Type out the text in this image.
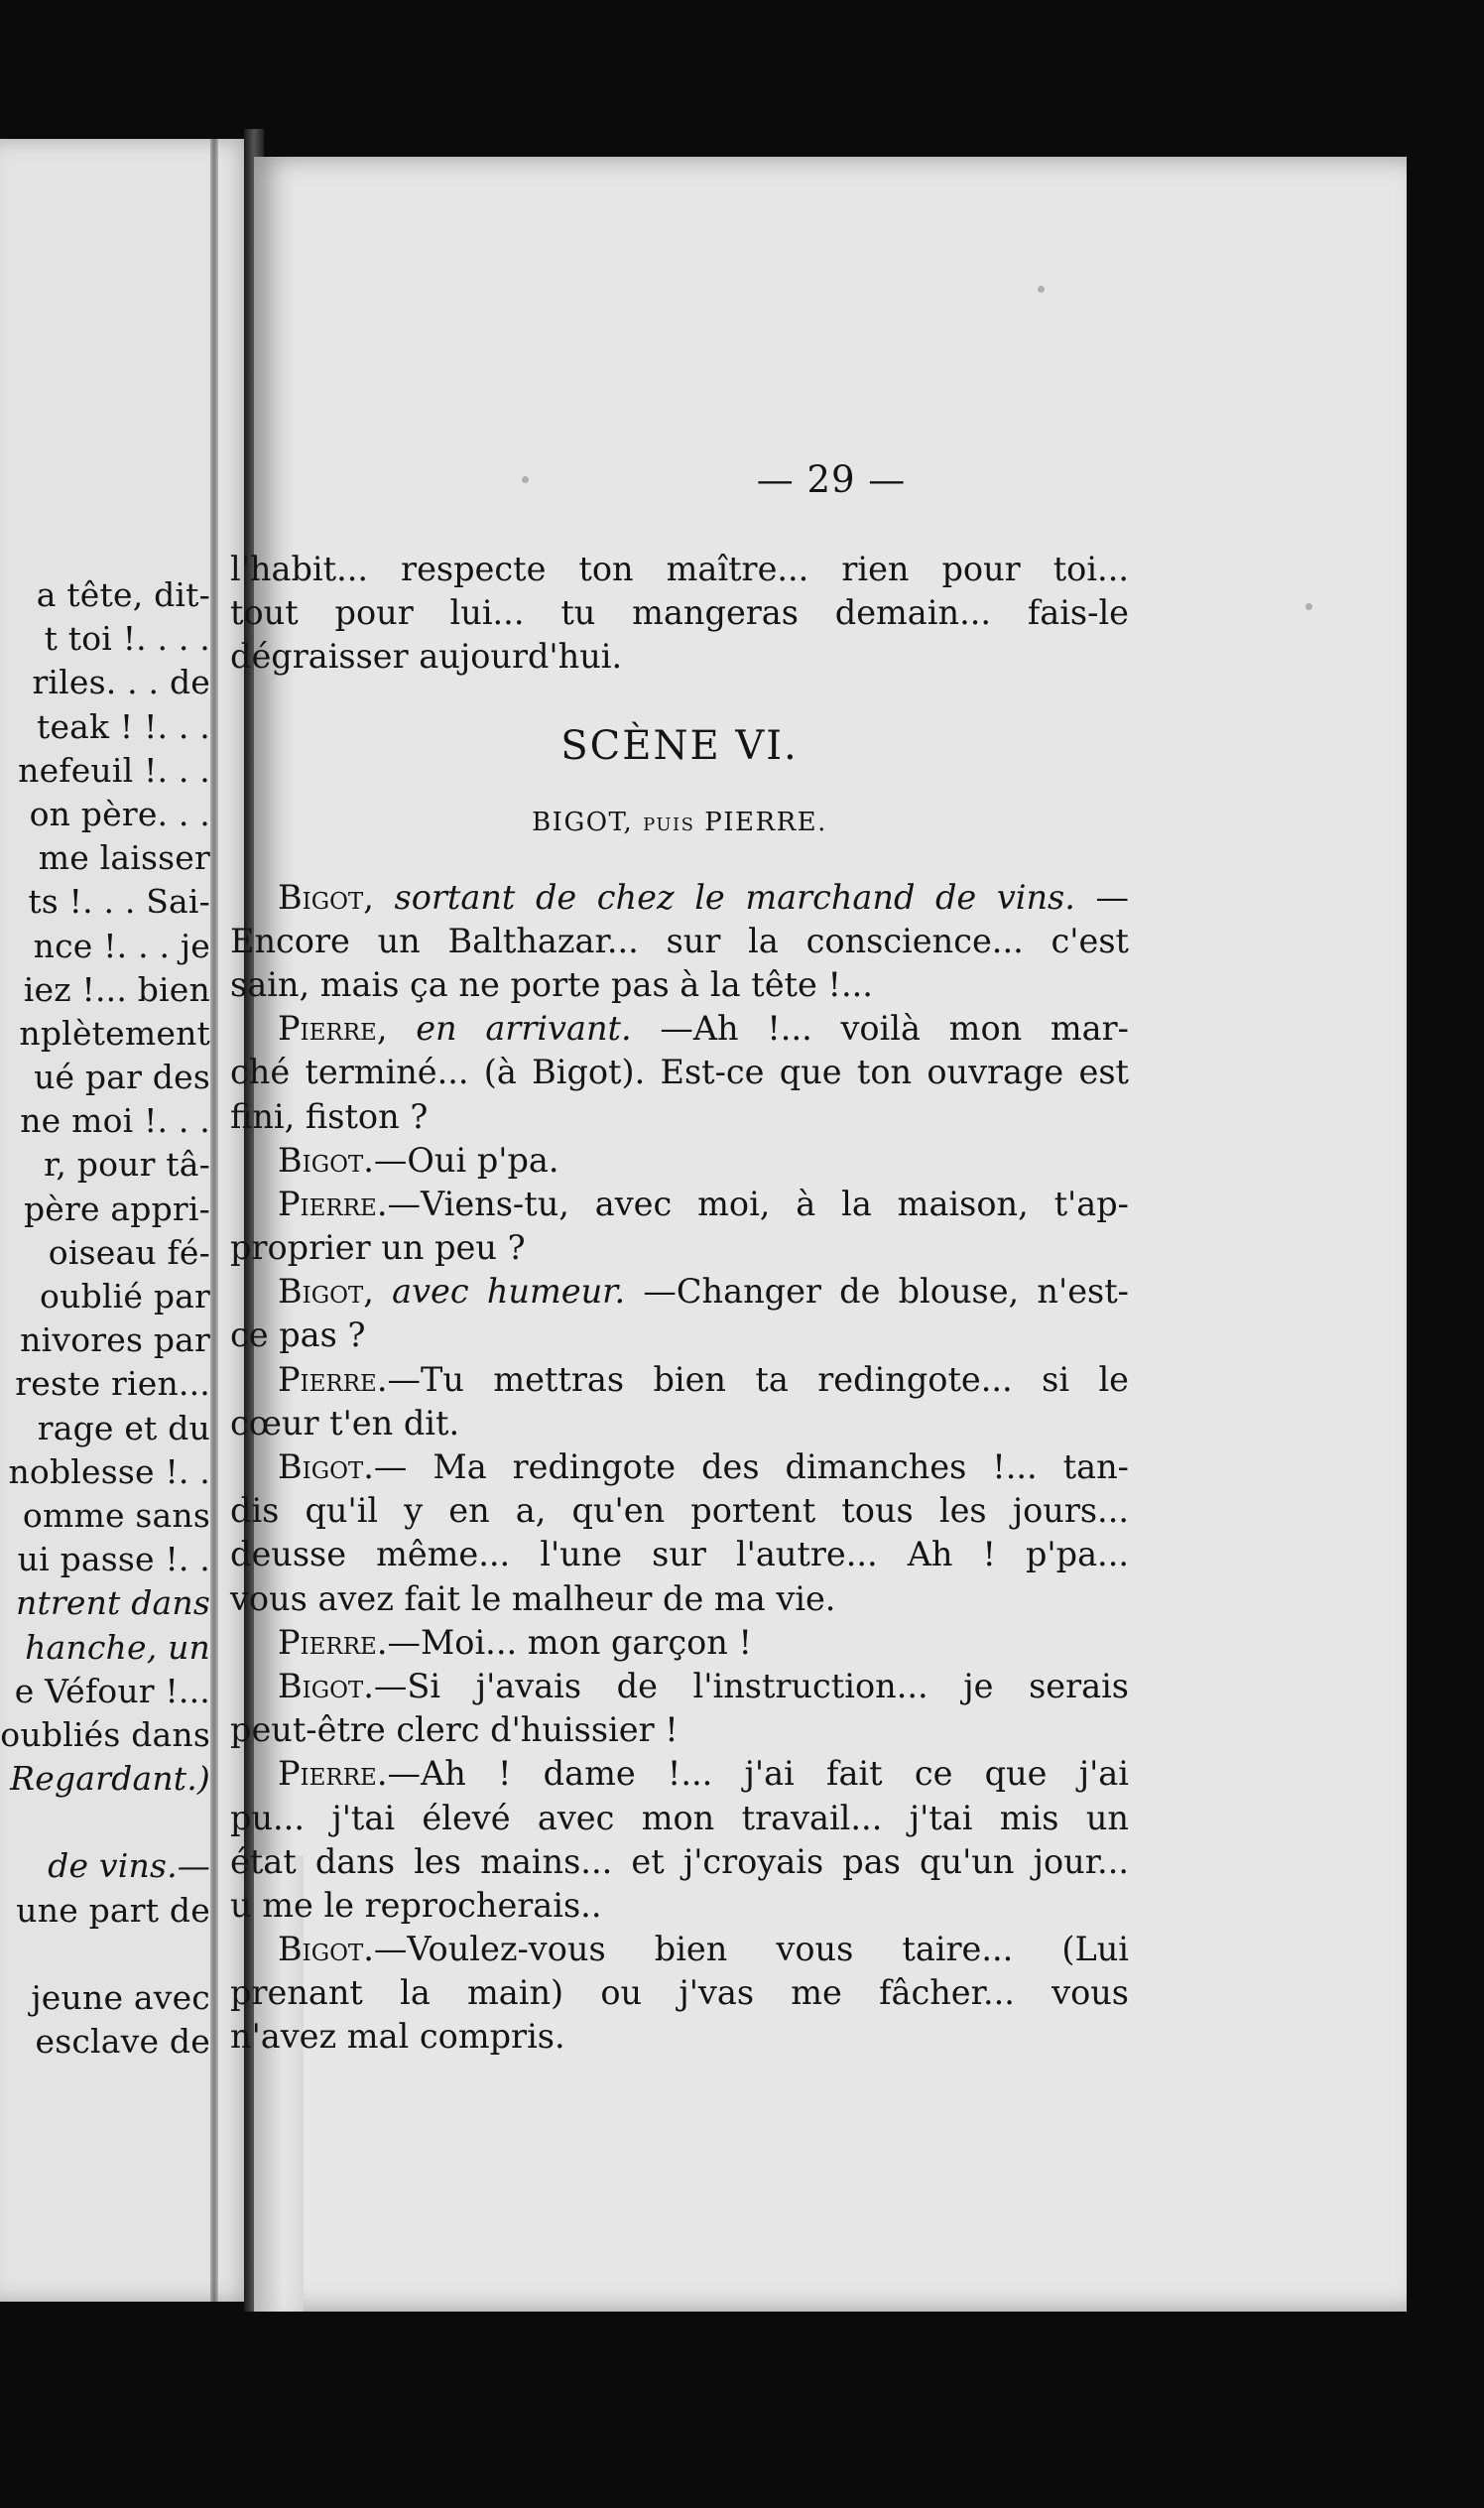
a tête, dit-
t toi !. . . .
riles. . . de
teak ! !. . .
nefeuil !. . .
on père. . .
me laisser
ts !. . . Sai-
nce !. . . je
iez !... bien
nplètement
ué par des
ne moi !. . .
r, pour tâ-
père appri-
oiseau fé-
oublié par
nivores par
reste rien...
rage et du
noblesse !. .
omme sans
ui passe !. .
ntrent dans
hanche, un
e Véfour !...
oubliés dans
Regardant.)
de vins.—
une part de
jeune avec
esclave de
— 29 —
l'habit... respecte ton maître... rien pour toi...
tout pour lui... tu mangeras demain... fais-le
dégraisser aujourd'hui.
SCÈNE VI.
BIGOT, puis PIERRE.
Bigot, sortant de chez le marchand de vins. —
Encore un Balthazar... sur la conscience... c'est
sain, mais ça ne porte pas à la tête !...
Pierre, en arrivant. —Ah !... voilà mon mar-
ché terminé... (à Bigot). Est-ce que ton ouvrage est
fini, fiston ?
Bigot.—Oui p'pa.
Pierre.—Viens-tu, avec moi, à la maison, t'ap-
proprier un peu ?
Bigot, avec humeur. —Changer de blouse, n'est-
ce pas ?
Pierre.—Tu mettras bien ta redingote... si le
cœur t'en dit.
Bigot.— Ma redingote des dimanches !... tan-
dis qu'il y en a, qu'en portent tous les jours...
deusse même... l'une sur l'autre... Ah ! p'pa...
vous avez fait le malheur de ma vie.
Pierre.—Moi... mon garçon !
Bigot.—Si j'avais de l'instruction... je serais
peut-être clerc d'huissier !
Pierre.—Ah ! dame !... j'ai fait ce que j'ai
pu... j'tai élevé avec mon travail... j'tai mis un
état dans les mains... et j'croyais pas qu'un jour...
u me le reprocherais..
Bigot.—Voulez-vous bien vous taire... (Lui
prenant la main) ou j'vas me fâcher... vous
n'avez mal compris.
